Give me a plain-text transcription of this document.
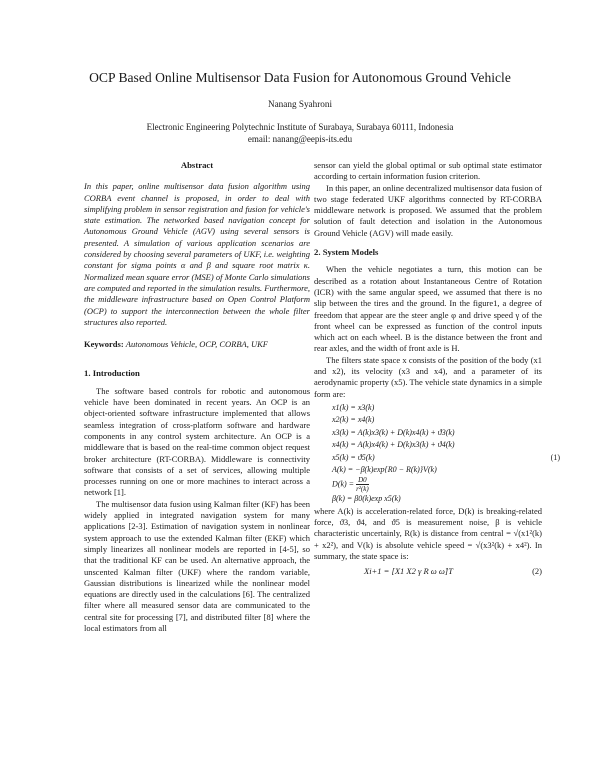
OCP Based Online Multisensor Data Fusion for Autonomous Ground Vehicle
Nanang Syahroni
Electronic Engineering Polytechnic Institute of Surabaya, Surabaya 60111, Indonesia
email: nanang@eepis-its.edu
Abstract

In this paper, online multisensor data fusion algorithm using CORBA event channel is proposed, in order to deal with simplifying problem in sensor registration and fusion for vehicle's state estimation. The networked based navigation concept for Autonomous Ground Vehicle (AGV) using several sensors is presented. A simulation of various application scenarios are considered by choosing several parameters of UKF, i.e. weighting constant for sigma points α and β and square root matrix κ. Normalized mean square error (MSE) of Monte Carlo simulations are computed and reported in the simulation results. Furthermore, the middleware infrastructure based on Open Control Platform (OCP) to support the interconnection between the whole filter structures also reported.

Keywords: Autonomous Vehicle, OCP, CORBA, UKF

1. Introduction

The software based controls for robotic and autonomous vehicle have been dominated in recent years. An OCP is an object-oriented software infrastructure implemented that allows seamless integration of cross-platform software and hardware components in any control system architecture. An OCP is a middleware that is based on the real-time common object request broker architecture (RT-CORBA). Middleware is connectivity software that consists of a set of services, allowing multiple processes running on one or more machines to interact across a network [1].

The multisensor data fusion using Kalman filter (KF) has been widely applied in integrated navigation system for many applications [2-3]. Estimation of navigation system in nonlinear system approach to use the extended Kalman filter (EKF) which simply linearizes all nonlinear models are reported in [4-5], so that the traditional KF can be used. An alternative approach, the unscented Kalman filter (UKF) where the random variable, Gaussian distributions is linearized while the nonlinear model equations are directly used in the calculations [6]. The centralized filter where all measured sensor data are communicated to the central site for processing [7], and distributed filter [8] where the local estimators from all

sensor can yield the global optimal or sub optimal state estimator according to certain information fusion criterion.

In this paper, an online decentralized multisensor data fusion of two stage federated UKF algorithms connected by RT-CORBA middleware network is proposed. We assumed that the problem solution of fault detection and isolation in the Autonomous Ground Vehicle (AGV) will made easily.

2. System Models

When the vehicle negotiates a turn, this motion can be described as a rotation about Instantaneous Centre of Rotation (ICR) with the same angular speed, we assumed that there is no slip between the tires and the ground. In the figure1, a degree of freedom that appear are the steer angle φ and drive speed γ of the front wheel can be expressed as function of the control inputs which act on each wheel. B is the distance between the front and rear axles, and the width of front axle is H.

The filters state space x consists of the position of the body (x1 and x2), its velocity (x3 and x4), and a parameter of its aerodynamic property (x5). The vehicle state dynamics in a simple form are:

x1(k) = x3(k)
x2(k) = x4(k)
x3(k) = A(k)x3(k) + D(k)x4(k) + ϑ3(k)
x4(k) = A(k)x4(k) + D(k)x3(k) + ϑ4(k)
x5(k) = ϑ5(k)	(1)
A(k) = −β(k)exp{R0 − R(k)}V(k)
$D(k) = \frac{D0}{\text{r²(k)}}$
β(k) = β0(k)exp x5(k)

where A(k) is acceleration-related force, D(k) is breaking-related force, ϑ3, ϑ4, and ϑ5 is measurement noise, β is vehicle characteristic uncertainly, R(k) is distance from central = √(x1²(k) + x2²), and V(k) is absolute vehicle speed = √(x3²(k) + x4²). In summary, the state space is:

Xi+1 = [X1 X2 γ R ω ω̇]T	(2)
